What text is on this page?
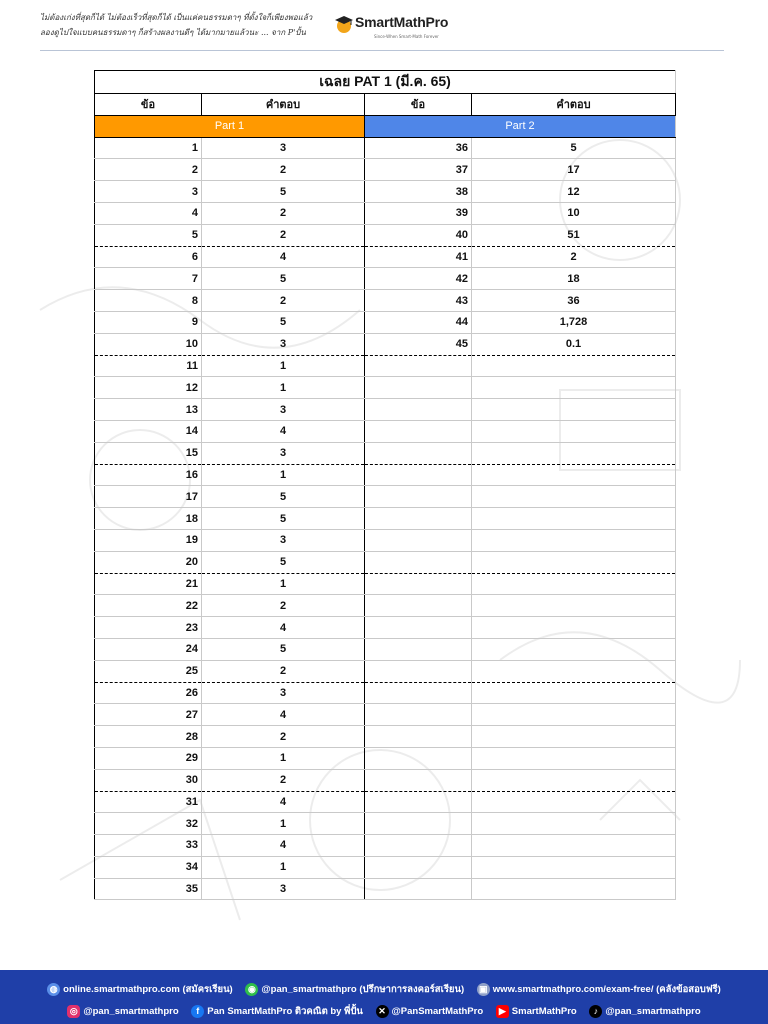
ไม่ต้องเก่งที่สุดก็ได้ ไม่ต้องเร็วที่สุดก็ได้ เป็นแค่คนธรรมดาๆ ที่ตั้งใจก็เพียงพอแล้ว
ลองดูไปใจแบบคนธรรมดาๆ ก็สร้างผลงานดีๆ ได้มากมายแล้วนะ ... จาก P'ปั้น
SmartMathPro
Since-When Smart-Math Forever
เฉลย PAT 1 (มี.ค. 65)			
ข้อ	คำตอบ	ข้อ	คำตอบ
Part 1		Part 2	
1	3	36	5
2	2	37	17
3	5	38	12
4	2	39	10
5	2	40	51
6	4	41	2
7	5	42	18
8	2	43	36
9	5	44	1,728
10	3	45	0.1
11	1		
12	1		
13	3		
14	4		
15	3		
16	1		
17	5		
18	5		
19	3		
20	5		
21	1		
22	2		
23	4		
24	5		
25	2		
26	3		
27	4		
28	2		
29	1		
30	2		
31	4		
32	1		
33	4		
34	1		
35	3		
◍ online.smartmathpro.com (สมัครเรียน) ◉ @pan_smartmathpro (ปรึกษาการลงคอร์สเรียน) ▣ www.smartmathpro.com/exam-free/ (คลังข้อสอบฟรี)
◎ @pan_smartmathpro f Pan SmartMathPro ติวคณิต by พี่ปั้น ✕ @PanSmartMathPro ▶ SmartMathPro ♪ @pan_smartmathpro
